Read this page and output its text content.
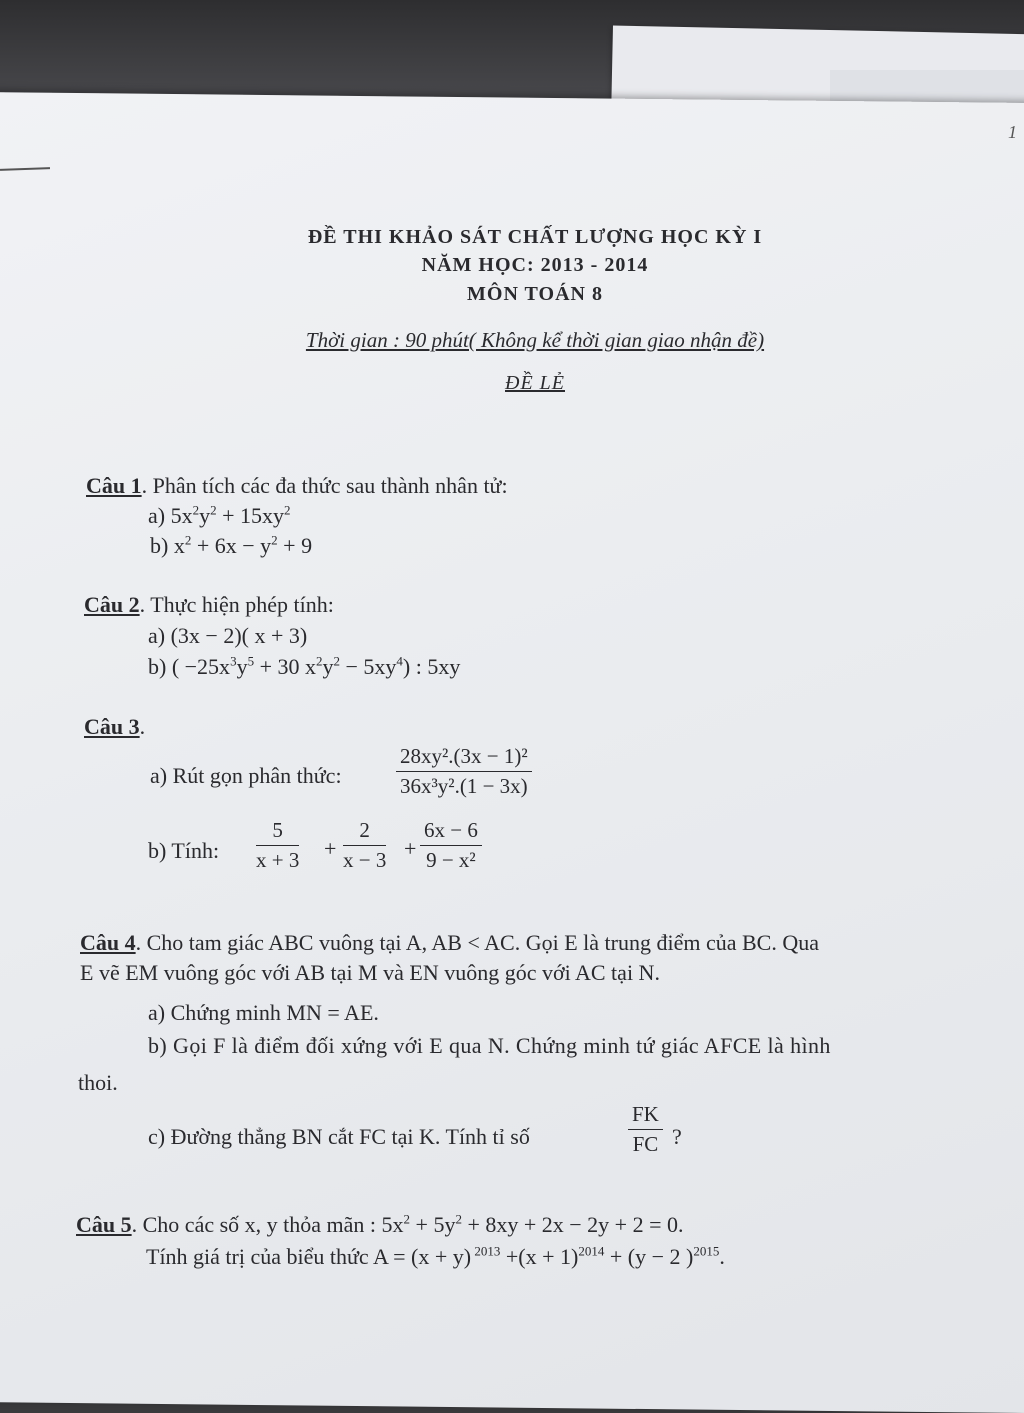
1
ĐỀ THI KHẢO SÁT CHẤT LƯỢNG HỌC KỲ I
NĂM HỌC: 2013 - 2014
MÔN TOÁN 8
Thời gian : 90 phút( Không kể thời gian giao nhận đề)
ĐỀ LẺ
Câu 1. Phân tích các đa thức sau thành nhân tử:
a) $5x^2y^2 + 15xy^2$
b) $x^2 + 6x - y^2 + 9$
Câu 2. Thực hiện phép tính:
a) (3x − 2)( x + 3)
b) ( $-25x^3y^5 + 30$ $x^2y^2 - 5xy^4$) : 5xy
Câu 3.
a) Rút gọn phân thức:	$\frac{\text{28xy².(3x − 1)²}}{\text{36x³y².(1 − 3x)}}$
b) Tính: $\frac{5}{x + 3} + \frac{2}{x - 3} + \frac{6x - 6}{\text{9 − x²}}$
Câu 4. Cho tam giác ABC vuông tại A, AB < AC. Gọi E là trung điểm của BC. Qua
E vẽ EM vuông góc với AB tại M và EN vuông góc với AC tại N.
a) Chứng minh MN = AE.
b) Gọi F là điểm đối xứng với E qua N. Chứng minh tứ giác AFCE là hình
thoi.
c) Đường thẳng BN cắt FC tại K. Tính tỉ số	$\frac{FK}{FC}$ ?
Câu 5. Cho các số x, y thỏa mãn : $5x^2 + 5y^2 + 8xy + 2x - 2y + 2 = 0$.
Tính giá trị của biểu thức A = (x + y) $^{2013} +(x + 1)^{2014} + (y - 2$ )$^{2015}$.
